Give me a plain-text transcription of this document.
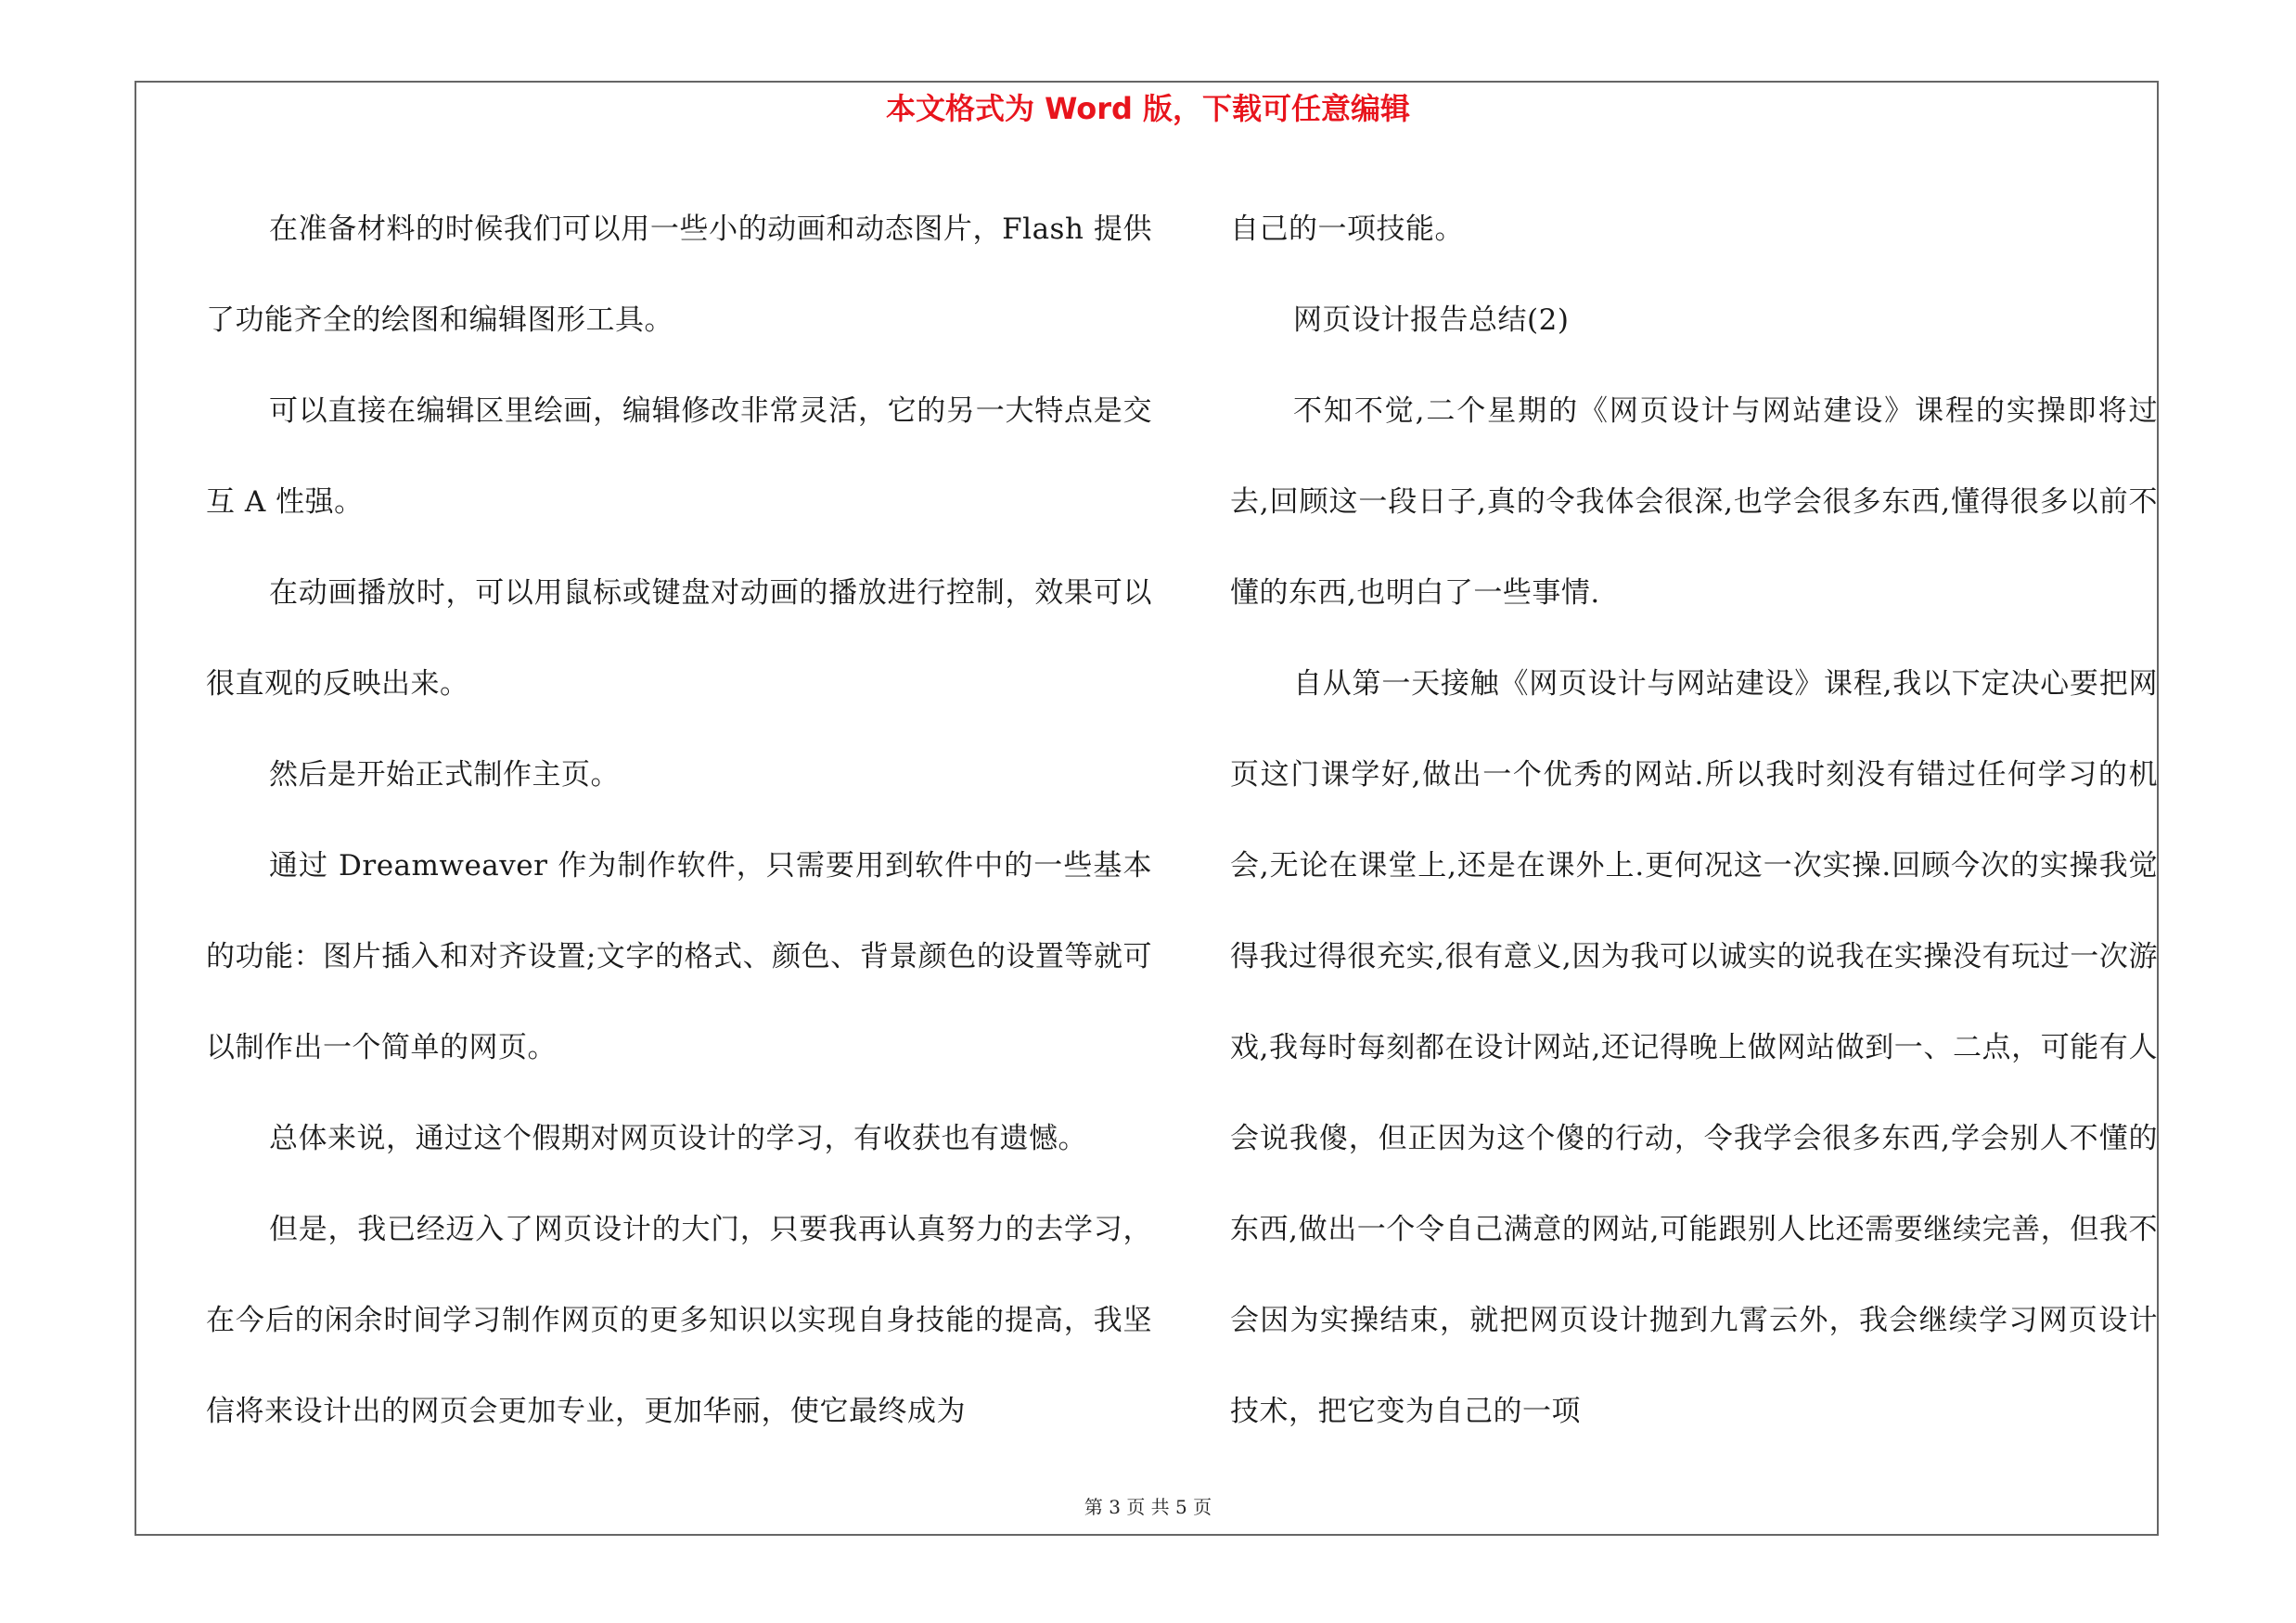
本文格式为 Word 版，下载可任意编辑

在准备材料的时候我们可以用一些小的动画和动态图片，Flash 提供了功能齐全的绘图和编辑图形工具。

可以直接在编辑区里绘画，编辑修改非常灵活，它的另一大特点是交互 A 性强。

在动画播放时，可以用鼠标或键盘对动画的播放进行控制，效果可以很直观的反映出来。

然后是开始正式制作主页。

通过 Dreamweaver 作为制作软件，只需要用到软件中的一些基本的功能：图片插入和对齐设置;文字的格式、颜色、背景颜色的设置等就可以制作出一个简单的网页。

总体来说，通过这个假期对网页设计的学习，有收获也有遗憾。

但是，我已经迈入了网页设计的大门，只要我再认真努力的去学习，在今后的闲余时间学习制作网页的更多知识以实现自身技能的提高，我坚信将来设计出的网页会更加专业，更加华丽，使它最终成为

自己的一项技能。

网页设计报告总结(2)

不知不觉,二个星期的《网页设计与网站建设》课程的实操即将过去,回顾这一段日子,真的令我体会很深,也学会很多东西,懂得很多以前不懂的东西,也明白了一些事情.

自从第一天接触《网页设计与网站建设》课程,我以下定决心要把网页这门课学好,做出一个优秀的网站.所以我时刻没有错过任何学习的机会,无论在课堂上,还是在课外上.更何况这一次实操.回顾今次的实操我觉得我过得很充实,很有意义,因为我可以诚实的说我在实操没有玩过一次游戏,我每时每刻都在设计网站,还记得晚上做网站做到一、二点，可能有人会说我傻，但正因为这个傻的行动，令我学会很多东西,学会别人不懂的东西,做出一个令自己满意的网站,可能跟别人比还需要继续完善，但我不会因为实操结束，就把网页设计抛到九霄云外，我会继续学习网页设计技术，把它变为自己的一项

第 3 页 共 5 页
